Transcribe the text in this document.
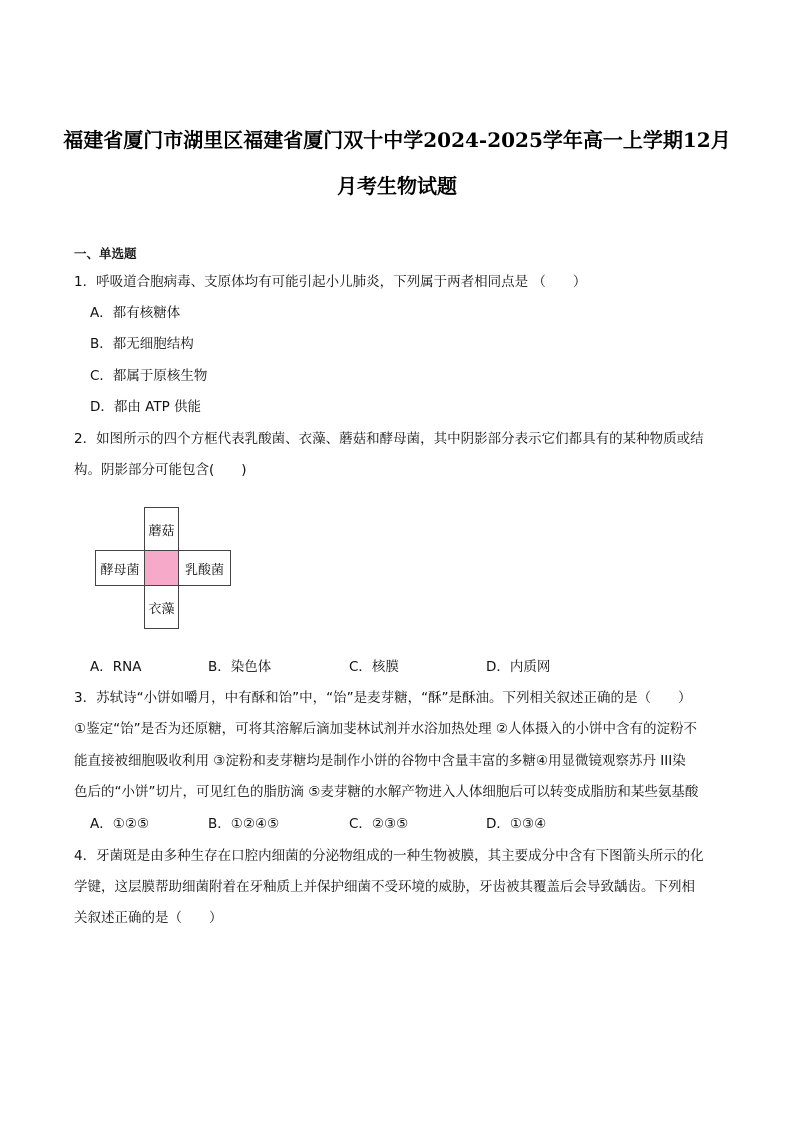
福建省厦门市湖里区福建省厦门双十中学2024-2025学年高一上学期12月
月考生物试题
一、单选题
1．呼吸道合胞病毒、支原体均有可能引起小儿肺炎，下列属于两者相同点是 （　　）
A．都有核糖体
B．都无细胞结构
C．都属于原核生物
D．都由 ATP 供能
2．如图所示的四个方框代表乳酸菌、衣藻、蘑菇和酵母菌，其中阴影部分表示它们都具有的某种物质或结
构。阴影部分可能包含(　　)
蘑菇
酵母菌	乳酸菌
衣藻
A．RNA	B．染色体	C．核膜	D．内质网
3．苏轼诗“小饼如嚼月，中有酥和饴”中，“饴”是麦芽糖，“酥”是酥油。下列相关叙述正确的是（　　）
①鉴定“饴”是否为还原糖，可将其溶解后滴加斐林试剂并水浴加热处理 ②人体摄入的小饼中含有的淀粉不
能直接被细胞吸收利用 ③淀粉和麦芽糖均是制作小饼的谷物中含量丰富的多糖④用显微镜观察苏丹 III染
色后的“小饼”切片，可见红色的脂肪滴 ⑤麦芽糖的水解产物进入人体细胞后可以转变成脂肪和某些氨基酸
A．①②⑤	B．①②④⑤	C．②③⑤	D．①③④
4．牙菌斑是由多种生存在口腔内细菌的分泌物组成的一种生物被膜，其主要成分中含有下图箭头所示的化
学键，这层膜帮助细菌附着在牙釉质上并保护细菌不受环境的威胁，牙齿被其覆盖后会导致龋齿。下列相
关叙述正确的是（　　）
